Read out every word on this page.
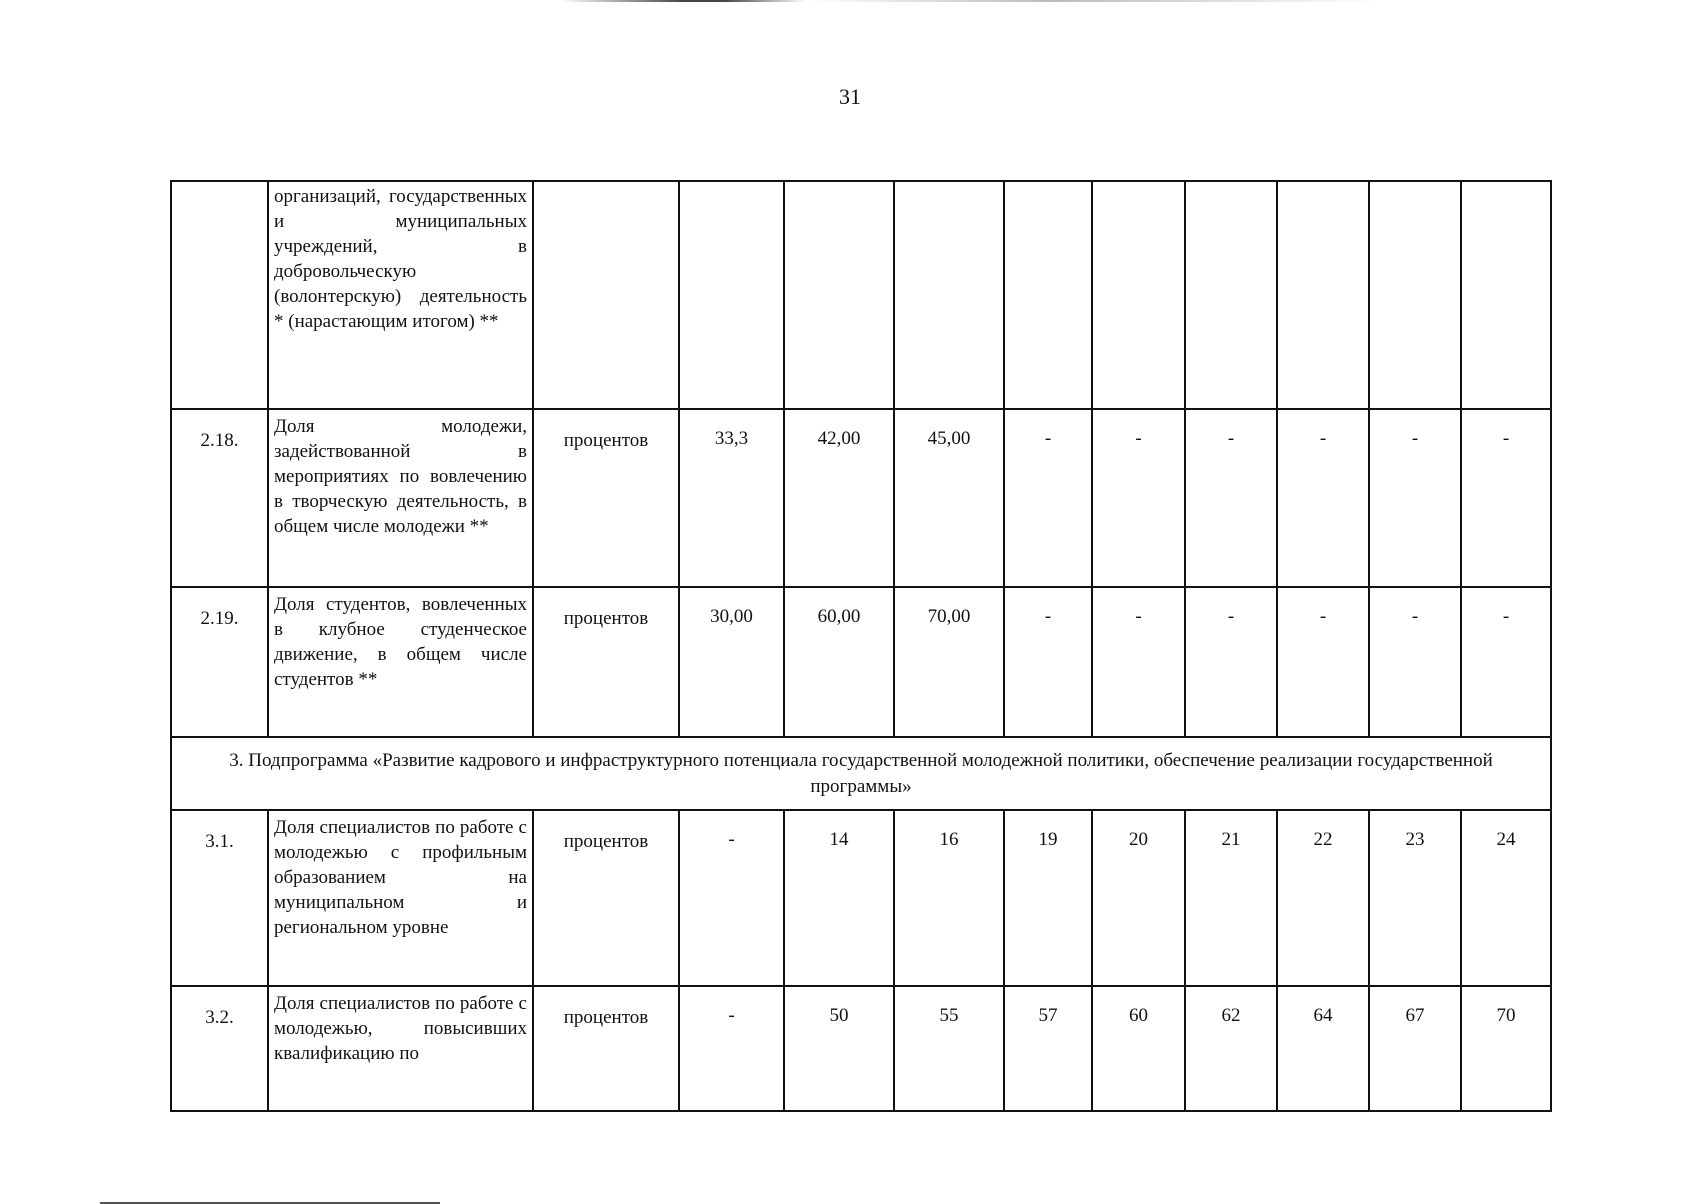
31
	организаций, государственных и муниципальных учреждений, в добровольческую (волонтерскую) деятельность * (нарастающим итогом) **										
2.18.	Доля молодежи, задействованной в мероприятиях по вовлечению в творческую деятельность, в общем числе молодежи **	процентов	33,3	42,00	45,00	-	-	-	-	-	-
2.19.	Доля студентов, вовлеченных в клубное студенческое движение, в общем числе студентов **	процентов	30,00	60,00	70,00	-	-	-	-	-	-
3. Подпрограмма «Развитие кадрового и инфраструктурного потенциала государственной молодежной политики, обеспечение реализации государственной программы»											
3.1.	Доля специалистов по работе с молодежью с профильным образованием на муниципальном и региональном уровне	процентов	-	14	16	19	20	21	22	23	24
3.2.	Доля специалистов по работе с молодежью, повысивших квалификацию по	процентов	-	50	55	57	60	62	64	67	70
